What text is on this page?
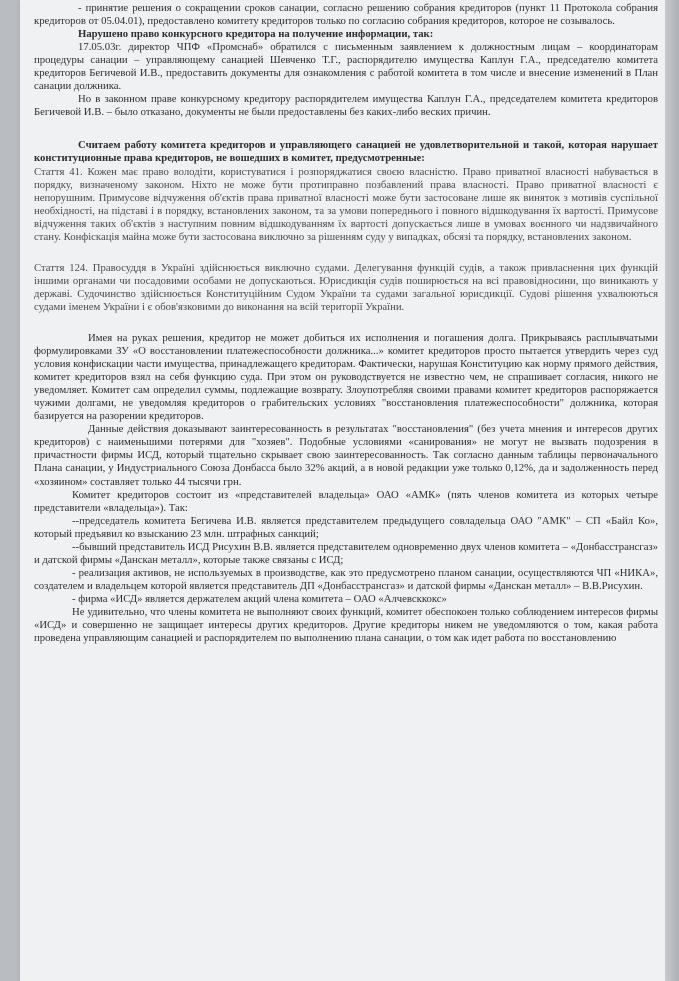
- принятие решения о сокращении сроков санации, согласно решению собрания кредиторов (пункт 11 Протокола собрания кредиторов от 05.04.01), предоставлено комитету кредиторов только по согласию собрания кредиторов, которое не созывалось.

Нарушено право конкурсного кредитора на получение информации, так:

17.05.03г. директор ЧПФ «Промснаб» обратился с письменным заявлением к должностным лицам – координаторам процедуры санации – управляющему санацией Шевченко Т.Г., распорядителю имущества Каплун Г.А., председателю комитета кредиторов Бегичевой И.В., предоставить документы для ознакомления с работой комитета в том числе и внесение изменений в План санации должника.

Но в законном праве конкурсному кредитору распорядителем имущества Каплун Г.А., председателем комитета кредиторов Бегичевой И.В. – было отказано, документы не были предоставлены без каких-либо веских причин.

Считаем работу комитета кредиторов и управляющего санацией не удовлетворительной и такой, которая нарушает конституционные права кредиторов, не вошедших в комитет, предусмотренные:

Стаття 41. Кожен має право володіти, користуватися і розпоряджатися своєю власністю. Право приватної власності набувається в порядку, визначеному законом. Ніхто не може бути протиправно позбавлений права власності. Право приватної власності є непорушним. Примусове відчуження об'єктів права приватної власності може бути застосоване лише як виняток з мотивів суспільної необхідності, на підставі і в порядку, встановлених законом, та за умови попереднього і повного відшкодування їх вартості. Примусове відчуження таких об'єктів з наступним повним відшкодуванням їх вартості допускається лише в умовах воєнного чи надзвичайного стану. Конфіскація майна може бути застосована виключно за рішенням суду у випадках, обсязі та порядку, встановлених законом.

Стаття 124. Правосуддя в Україні здійснюється виключно судами. Делегування функцій судів, а також привласнення цих функцій іншими органами чи посадовими особами не допускаються. Юрисдикція судів поширюється на всі правовідносини, що виникають у державі. Судочинство здійснюється Конституційним Судом України та судами загальної юрисдикції. Судові рішення ухвалюються судами іменем України і є обов'язковими до виконання на всій території України.

Имея на руках решения, кредитор не может добиться их исполнения и погашения долга. Прикрываясь расплывчатыми формулировками ЗУ «О восстановлении платежеспособности должника...» комитет кредиторов просто пытается утвердить через суд условия конфискации части имущества, принадлежащего кредиторам. Фактически, нарушая Конституцию как норму прямого действия, комитет кредиторов взял на себя функцию суда. При этом он руководствуется не известно чем, не спрашивает согласия, никого не уведомляет. Комитет сам определил суммы, подлежащие возврату. Злоупотребляя своими правами комитет кредиторов распоряжается чужими долгами, не уведомляя кредиторов о грабительских условиях "восстановления платежеспособности" должника, которая базируется на разорении кредиторов.

Данные действия доказывают заинтересованность в результатах "восстановления" (без учета мнения и интересов других кредиторов) с наименьшими потерями для "хозяев". Подобные условиями «санирования» не могут не вызвать подозрения в причастности фирмы ИСД, который тщательно скрывает свою заинтересованность. Так согласно данным таблицы первоначального Плана санации, у Индустриального Союза Донбасса было 32% акций, а в новой редакции уже только 0,12%, да и задолженность перед «хозяином» составляет только 44 тысячи грн.

Комитет кредиторов состоит из «представителей владельца» ОАО «АМК» (пять членов комитета из которых четыре представители «владельца»). Так:

--председатель комитета Бегичева И.В. является представителем предыдущего совладельца ОАО "АМК" – СП «Байл Ко», который предъявил ко взысканию 23 млн. штрафных санкций;

--бывший представитель ИСД Рисухин В.В. является представителем одновременно двух членов комитета – «Донбасстрансгаз» и датской фирмы «Данскан металл», которые также связаны с ИСД;

- реализация активов, не используемых в производстве, как это предусмотрено планом санации, осуществляются ЧП «НИКА», создателем и владельцем которой является представитель ДП «Донбасстрансгаз» и датской фирмы «Данскан металл» – В.В.Рисухин.

- фирма «ИСД» является держателем акций члена комитета – ОАО «Алчевсккокс»

Не удивительно, что члены комитета не выполняют своих функций, комитет обеспокоен только соблюдением интересов фирмы «ИСД» и совершенно не защищает интересы других кредиторов. Другие кредиторы никем не уведомляются о том, какая работа проведена управляющим санацией и распорядителем по выполнению плана санации, о том как идет работа по восстановлению
